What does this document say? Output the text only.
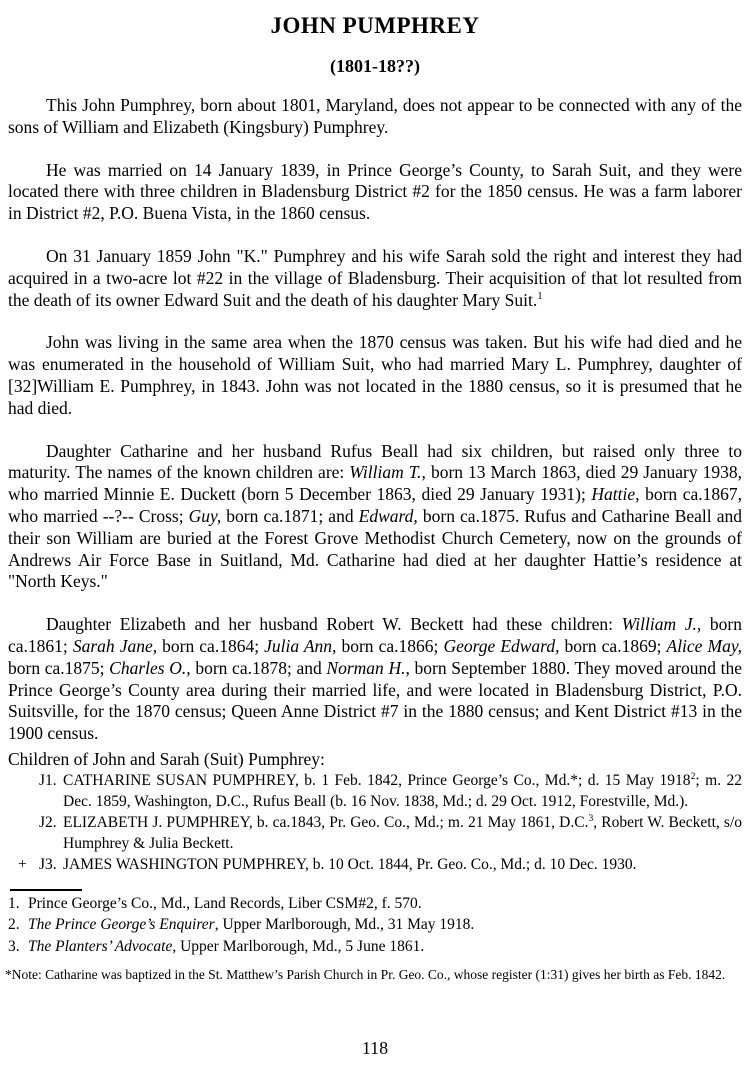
JOHN PUMPHREY
(1801-18??)

This John Pumphrey, born about 1801, Maryland, does not appear to be connected with any of the sons of William and Elizabeth (Kingsbury) Pumphrey.

He was married on 14 January 1839, in Prince George’s County, to Sarah Suit, and they were located there with three children in Bladensburg District #2 for the 1850 census. He was a farm laborer in District #2, P.O. Buena Vista, in the 1860 census.

On 31 January 1859 John "K." Pumphrey and his wife Sarah sold the right and interest they had acquired in a two-acre lot #22 in the village of Bladensburg. Their acquisition of that lot resulted from the death of its owner Edward Suit and the death of his daughter Mary Suit.$^1$

John was living in the same area when the 1870 census was taken. But his wife had died and he was enumerated in the household of William Suit, who had married Mary L. Pumphrey, daughter of [32]William E. Pumphrey, in 1843. John was not located in the 1880 census, so it is presumed that he had died.

Daughter Catharine and her husband Rufus Beall had six children, but raised only three to maturity. The names of the known children are: William T., born 13 March 1863, died 29 January 1938, who married Minnie E. Duckett (born 5 December 1863, died 29 January 1931); Hattie, born ca.1867, who married --?-- Cross; Guy, born ca.1871; and Edward, born ca.1875. Rufus and Catharine Beall and their son William are buried at the Forest Grove Methodist Church Cemetery, now on the grounds of Andrews Air Force Base in Suitland, Md. Catharine had died at her daughter Hattie’s residence at "North Keys."

Daughter Elizabeth and her husband Robert W. Beckett had these children: William J., born ca.1861; Sarah Jane, born ca.1864; Julia Ann, born ca.1866; George Edward, born ca.1869; Alice May, born ca.1875; Charles O., born ca.1878; and Norman H., born September 1880. They moved around the Prince George’s County area during their married life, and were located in Bladensburg District, P.O. Suitsville, for the 1870 census; Queen Anne District #7 in the 1880 census; and Kent District #13 in the 1900 census.

Children of John and Sarah (Suit) Pumphrey:
J1. CATHARINE SUSAN PUMPHREY, b. 1 Feb. 1842, Prince George’s Co., Md.*; d. 15 May 1918$^2$; m. 22 Dec. 1859, Washington, D.C., Rufus Beall (b. 16 Nov. 1838, Md.; d. 29 Oct. 1912, Forestville, Md.).
J2. ELIZABETH J. PUMPHREY, b. ca.1843, Pr. Geo. Co., Md.; m. 21 May 1861, D.C.$^3$, Robert W. Beckett, s/o Humphrey & Julia Beckett.
+ J3. JAMES WASHINGTON PUMPHREY, b. 10 Oct. 1844, Pr. Geo. Co., Md.; d. 10 Dec. 1930.
1. Prince George’s Co., Md., Land Records, Liber CSM#2, f. 570.
2. The Prince George’s Enquirer, Upper Marlborough, Md., 31 May 1918.
3. The Planters’ Advocate, Upper Marlborough, Md., 5 June 1861.
*Note: Catharine was baptized in the St. Matthew’s Parish Church in Pr. Geo. Co., whose register (1:31) gives her birth as Feb. 1842.
118
